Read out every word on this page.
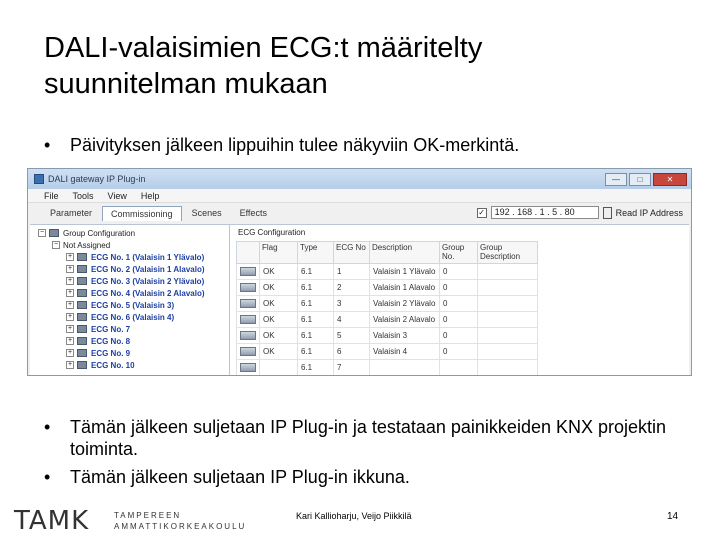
DALI-valaisimien ECG:t määritelty
suunnitelman mukaan
•	Päivityksen jälkeen lippuihin tulee näkyviin OK-merkintä.
DALI gateway IP Plug-in	—	□	✕
File Tools View Help
Parameter	Commissioning	Scenes	Effects	✓	192 . 168 . 1 . 5 . 80	Read IP Address
− Group Configuration
− Not Assigned
+ ECG No. 1 (Valaisin 1 Ylävalo)
+ ECG No. 2 (Valaisin 1 Alavalo)
+ ECG No. 3 (Valaisin 2 Ylävalo)
+ ECG No. 4 (Valaisin 2 Alavalo)
+ ECG No. 5 (Valaisin 3)
+ ECG No. 6 (Valaisin 4)
+ ECG No. 7
+ ECG No. 8
+ ECG No. 9
+ ECG No. 10
ECG Configuration
	Flag	Type	ECG No	Description	Group No.	Group Description

	OK	6.1	1	Valaisin 1 Ylävalo	0	

	OK	6.1	2	Valaisin 1 Alavalo	0	

	OK	6.1	3	Valaisin 2 Ylävalo	0	

	OK	6.1	4	Valaisin 2 Alavalo	0	

	OK	6.1	5	Valaisin 3	0	

	OK	6.1	6	Valaisin 4	0	

		6.1	7			
•	Tämän jälkeen suljetaan IP Plug-in ja testataan painikkeiden KNX projektin toiminta.
•	Tämän jälkeen suljetaan IP Plug-in ikkuna.
TAMK	TAMPEREEN
AMMATTIKORKEAKOULU
Kari Kallioharju, Veijo Piikkilä	14
